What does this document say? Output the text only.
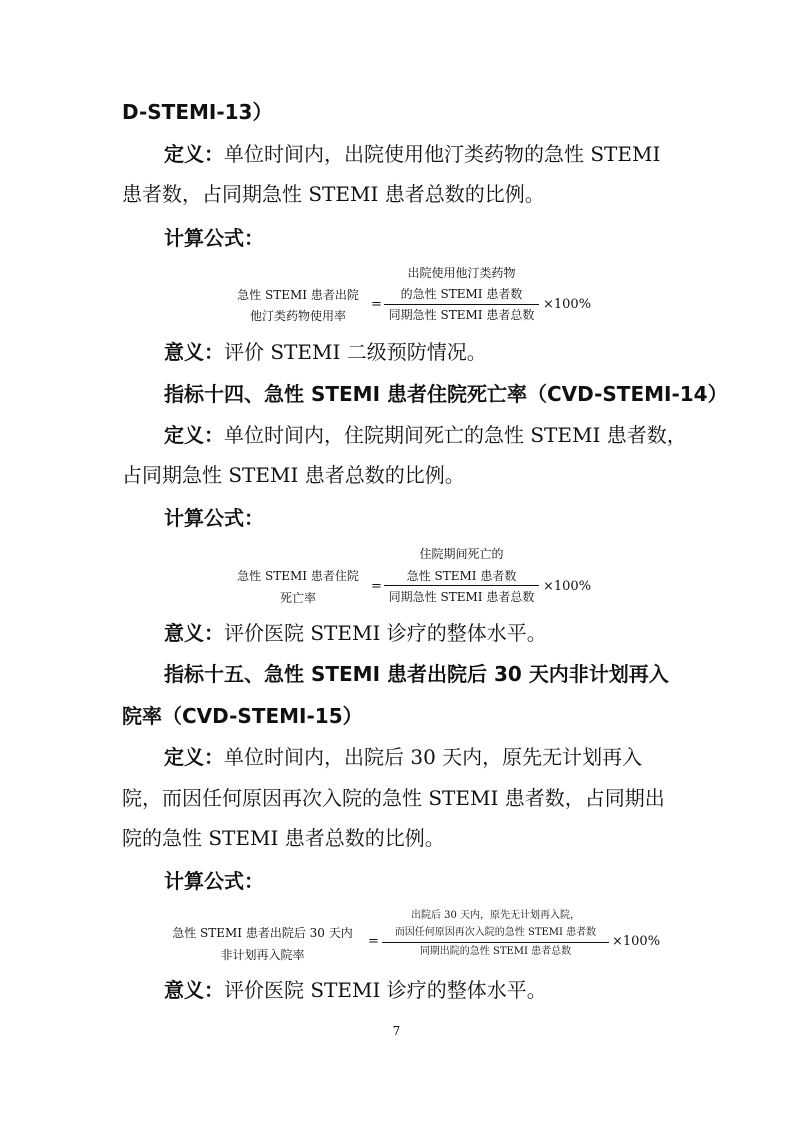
D-STEMI-13）
定义：单位时间内，出院使用他汀类药物的急性 STEMI
患者数，占同期急性 STEMI 患者总数的比例。
计算公式：
急性 STEMI 患者出院
他汀类药物使用率
=
出院使用他汀类药物
的急性 STEMI 患者数
同期急性 STEMI 患者总数
×100%
意义：评价 STEMI 二级预防情况。
指标十四、急性 STEMI 患者住院死亡率（CVD-STEMI-14）
定义：单位时间内，住院期间死亡的急性 STEMI 患者数，
占同期急性 STEMI 患者总数的比例。
计算公式：
急性 STEMI 患者住院
死亡率
=
住院期间死亡的
急性 STEMI 患者数
同期急性 STEMI 患者总数
×100%
意义：评价医院 STEMI 诊疗的整体水平。
指标十五、急性 STEMI 患者出院后 30 天内非计划再入
院率（CVD-STEMI-15）
定义：单位时间内，出院后 30 天内，原先无计划再入
院，而因任何原因再次入院的急性 STEMI 患者数，占同期出
院的急性 STEMI 患者总数的比例。
计算公式：
急性 STEMI 患者出院后 30 天内
非计划再入院率
=
出院后 30 天内，原先无计划再入院，
而因任何原因再次入院的急性 STEMI 患者数
同期出院的急性 STEMI 患者总数
×100%
意义：评价医院 STEMI 诊疗的整体水平。
7
